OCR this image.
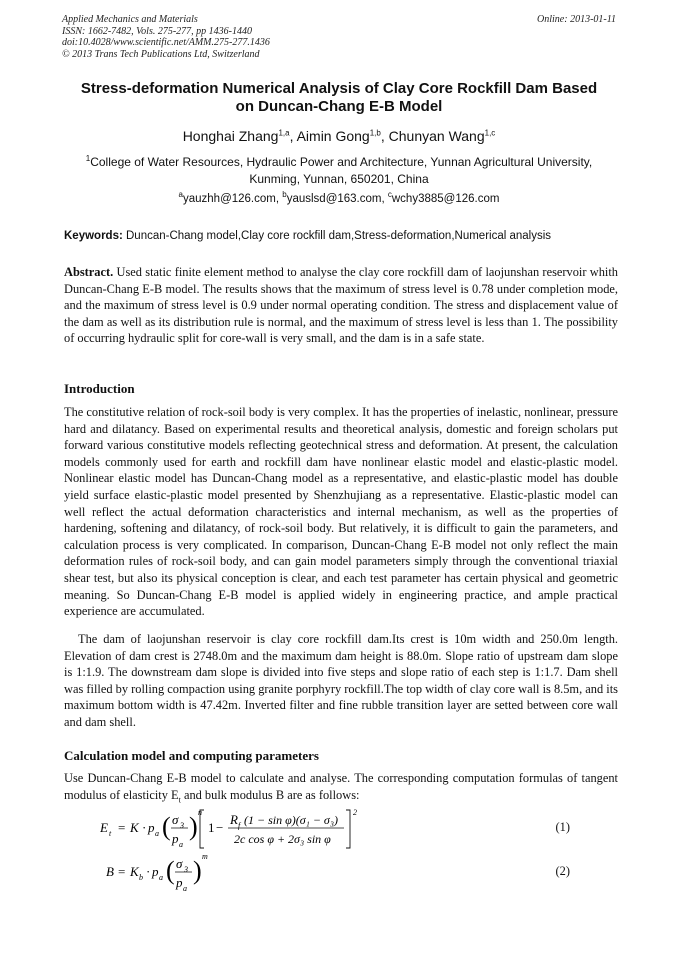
Applied Mechanics and Materials
ISSN: 1662-7482, Vols. 275-277, pp 1436-1440
doi:10.4028/www.scientific.net/AMM.275-277.1436
© 2013 Trans Tech Publications Ltd, Switzerland
Online: 2013-01-11
Stress-deformation Numerical Analysis of Clay Core Rockfill Dam Based
on Duncan-Chang E-B Model
Honghai Zhang$^{1,a}$, Aimin Gong$^{1,b}$, Chunyan Wang$^{1,c}$
$^1$College of Water Resources, Hydraulic Power and Architecture, Yunnan Agricultural University,
Kunming, Yunnan, 650201, China
$^a$yauzhh@126.com, $^b$yauslsd@163.com, $^c$wchy3885@126.com
Keywords: Duncan-Chang model,Clay core rockfill dam,Stress-deformation,Numerical analysis
Abstract. Used static finite element method to analyse the clay core rockfill dam of laojunshan reservoir whith Duncan-Chang E-B model. The results shows that the maximum of stress level is 0.78 under completion mode, and the maximum of stress level is 0.9 under normal operating condition. The stress and displacement value of the dam as well as its distribution rule is normal, and the maximum of stress level is less than 1. The possibility of occurring hydraulic split for core-wall is very small, and the dam is in a safe state.
Introduction
The constitutive relation of rock-soil body is very complex. It has the properties of inelastic, nonlinear, pressure hard and dilatancy. Based on experimental results and theoretical analysis, domestic and foreign scholars put forward various constitutive models reflecting geotechnical stress and deformation. At present, the calculation models commonly used for earth and rockfill dam have nonlinear elastic model and elastic-plastic model. Nonlinear elastic model has Duncan-Chang model as a representative, and elastic-plastic model has double yield surface elastic-plastic model presented by Shenzhujiang as a representative. Elastic-plastic model can well reflect the actual deformation characteristics and internal mechanism, as well as the properties of hardening, softening and dilatancy, of rock-soil body. But relatively, it is difficult to gain the parameters, and calculation process is very complicated. In comparison, Duncan-Chang E-B model not only reflect the main deformation rules of rock-soil body, and can gain model parameters simply through the conventional triaxial shear test, but also its physical conception is clear, and each test parameter has certain physical and geometric meaning. So Duncan-Chang E-B model is applied widely in engineering practice, and ample practical experience are accumulated.
The dam of laojunshan reservoir is clay core rockfill dam.Its crest is 10m width and 250.0m length. Elevation of dam crest is 2748.0m and the maximum dam height is 88.0m. Slope ratio of upstream dam slope is 1:1.9. The downstream dam slope is divided into five steps and slope ratio of each step is 1:1.7. Dam shell was filled by rolling compaction using granite porphyry rockfill.The top width of clay core wall is 8.5m, and its maximum bottom width is 47.42m. Inverted filter and fine rubble transition layer are setted between core wall and dam shell.
Calculation model and computing parameters
Use Duncan-Chang E-B model to calculate and analyse. The corresponding computation formulas of tangent modulus of elasticity $E_t$ and bulk modulus B are as follows:
E t = K · p a ( σ 3
p a
) n
1 −
R f (1 − sin φ)(σ₁ − σ₃)
2c cos φ + 2σ₃ sin φ
2
(1)
B = K b · p a ( σ 3
p a
) m
(2)
